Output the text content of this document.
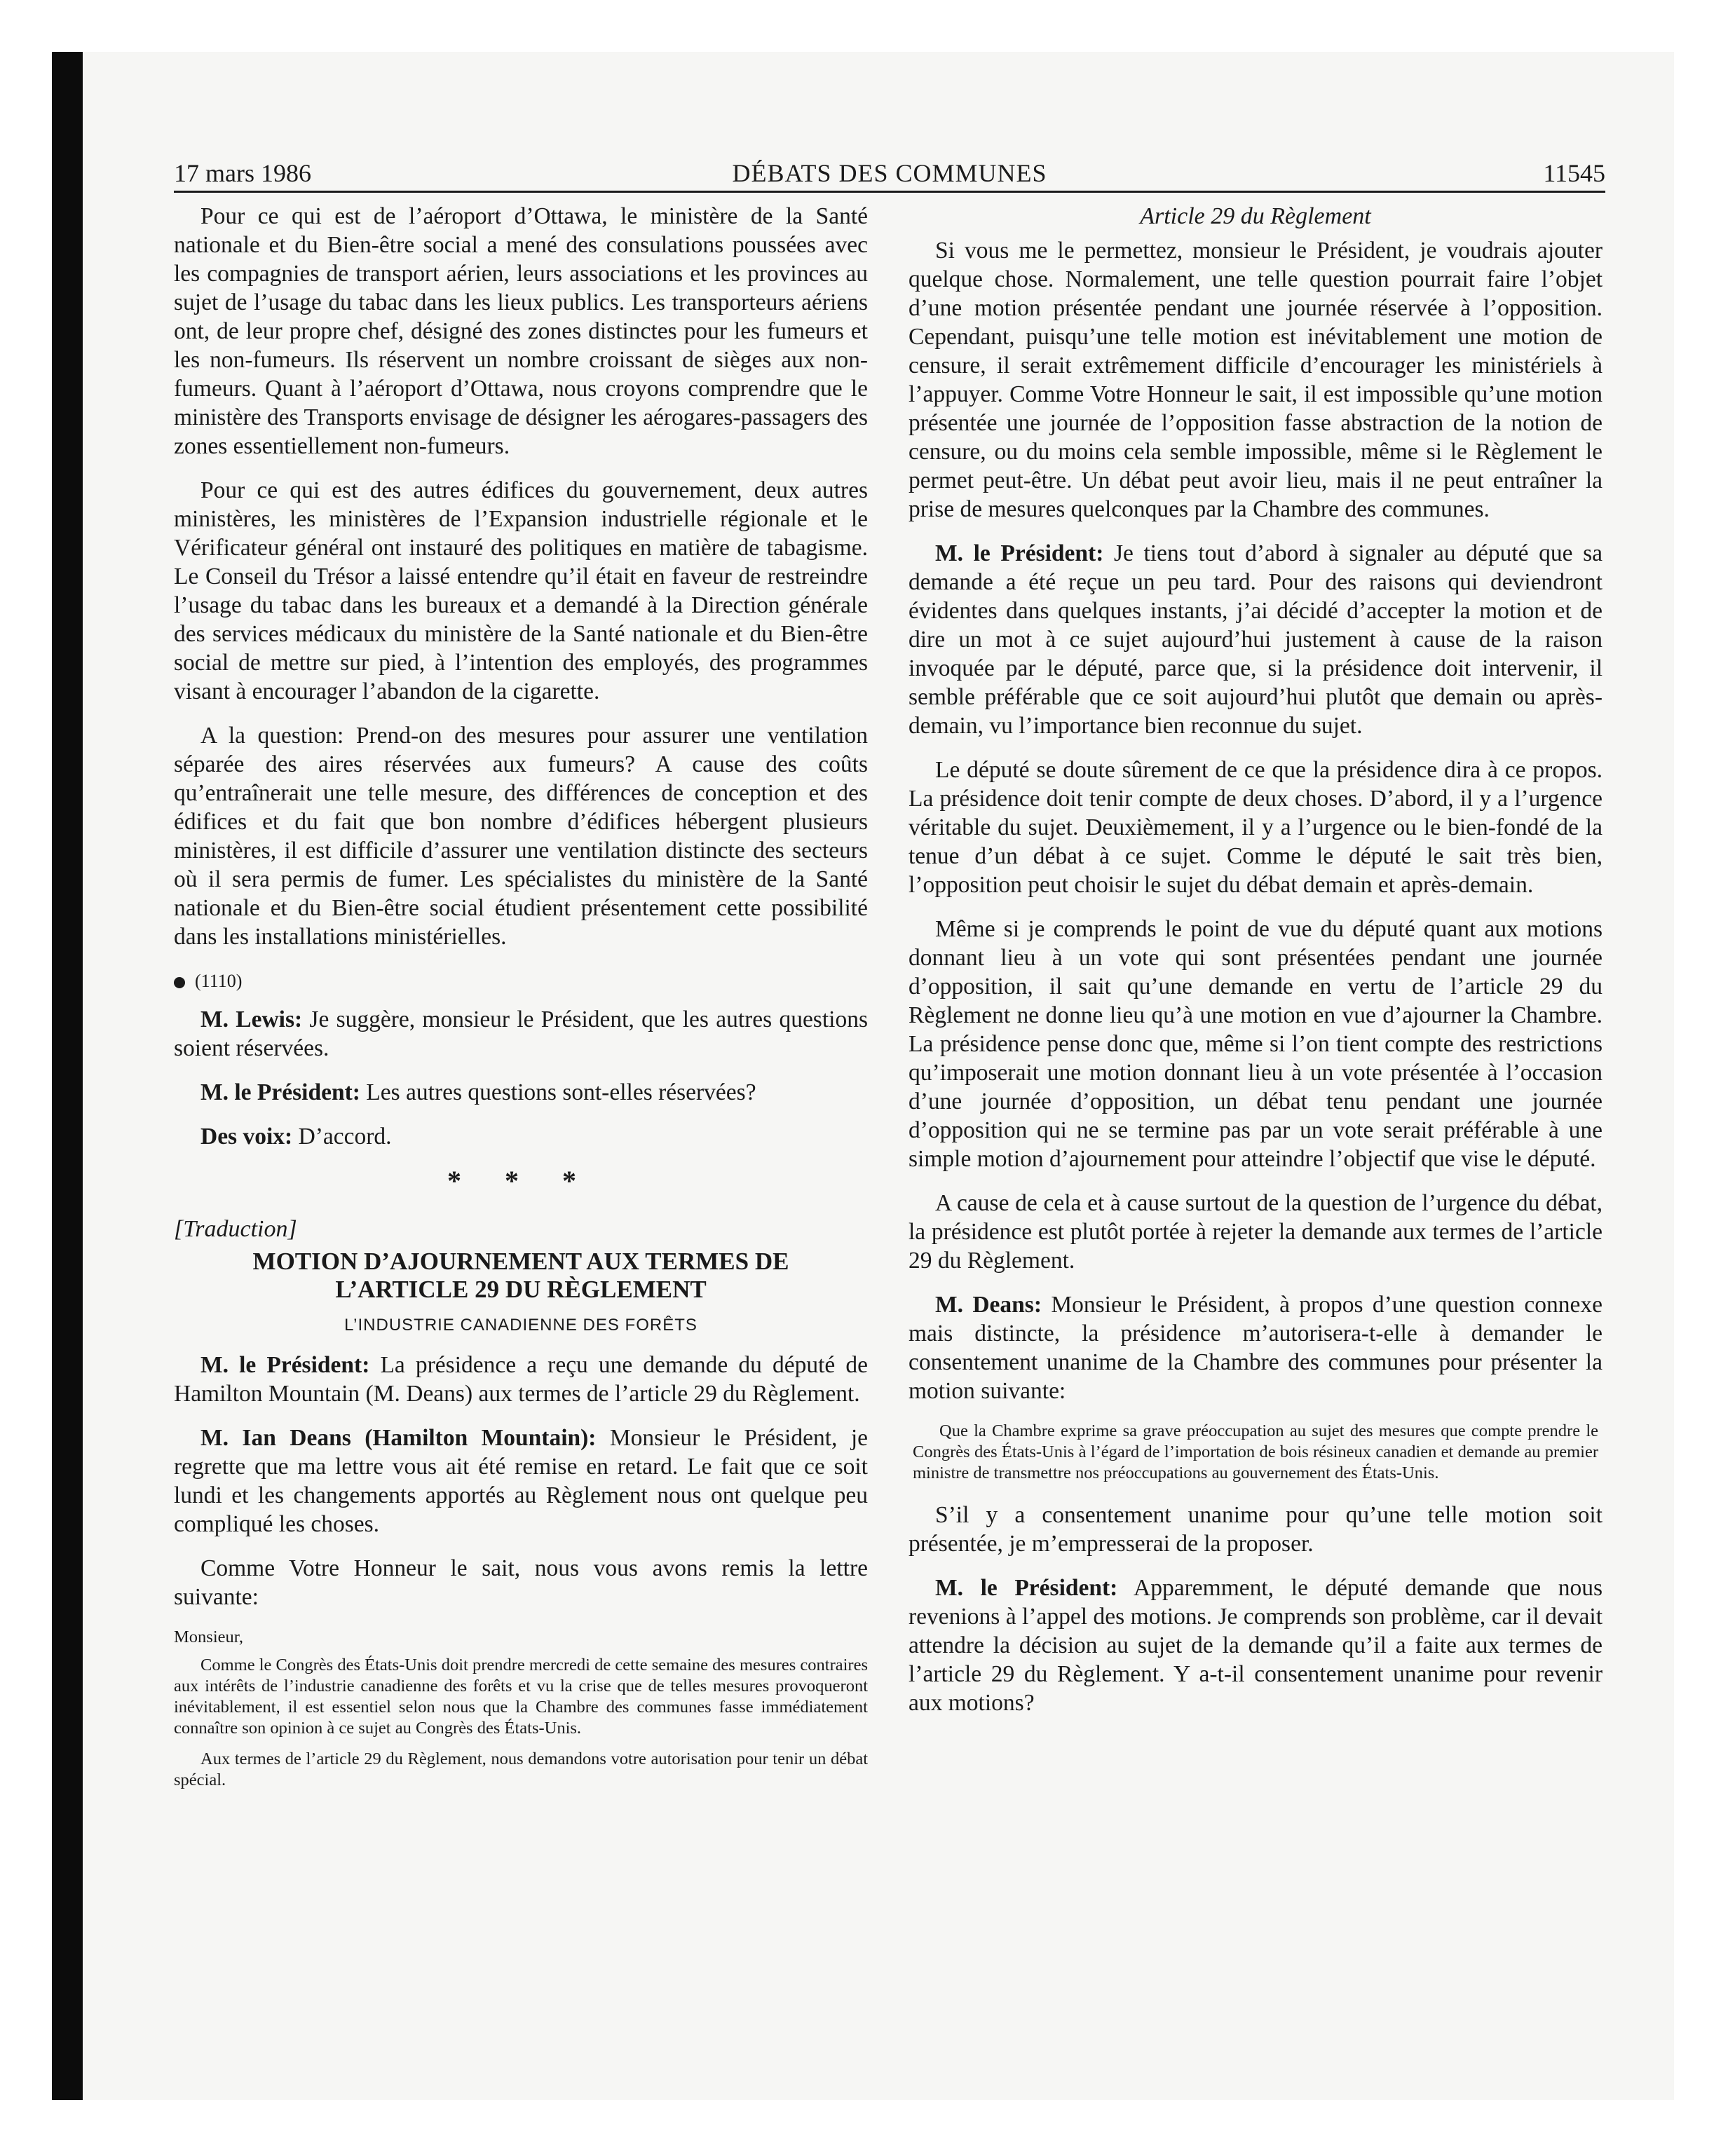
17 mars 1986	DÉBATS DES COMMUNES	11545

Pour ce qui est de l’aéroport d’Ottawa, le ministère de la Santé nationale et du Bien-être social a mené des consulations poussées avec les compagnies de transport aérien, leurs associations et les provinces au sujet de l’usage du tabac dans les lieux publics. Les transporteurs aériens ont, de leur propre chef, désigné des zones distinctes pour les fumeurs et les non-fumeurs. Ils réservent un nombre croissant de sièges aux non-fumeurs. Quant à l’aéroport d’Ottawa, nous croyons comprendre que le ministère des Transports envisage de désigner les aérogares-passagers des zones essentiellement non-fumeurs.

Pour ce qui est des autres édifices du gouvernement, deux autres ministères, les ministères de l’Expansion industrielle régionale et le Vérificateur général ont instauré des politiques en matière de tabagisme. Le Conseil du Trésor a laissé entendre qu’il était en faveur de restreindre l’usage du tabac dans les bureaux et a demandé à la Direction générale des services médicaux du ministère de la Santé nationale et du Bien-être social de mettre sur pied, à l’intention des employés, des programmes visant à encourager l’abandon de la cigarette.

A la question: Prend-on des mesures pour assurer une ventilation séparée des aires réservées aux fumeurs? A cause des coûts qu’entraînerait une telle mesure, des différences de conception et des édifices et du fait que bon nombre d’édifices hébergent plusieurs ministères, il est difficile d’assurer une ventilation distincte des secteurs où il sera permis de fumer. Les spécialistes du ministère de la Santé nationale et du Bien-être social étudient présentement cette possibilité dans les installations ministérielles.

(1110)

M. Lewis: Je suggère, monsieur le Président, que les autres questions soient réservées.

M. le Président: Les autres questions sont-elles réservées?

Des voix: D’accord.

* * *

[Traduction]

MOTION D’AJOURNEMENT AUX TERMES DE
L’ARTICLE 29 DU RÈGLEMENT
L’INDUSTRIE CANADIENNE DES FORÊTS

M. le Président: La présidence a reçu une demande du député de Hamilton Mountain (M. Deans) aux termes de l’article 29 du Règlement.

M. Ian Deans (Hamilton Mountain): Monsieur le Président, je regrette que ma lettre vous ait été remise en retard. Le fait que ce soit lundi et les changements apportés au Règlement nous ont quelque peu compliqué les choses.

Comme Votre Honneur le sait, nous vous avons remis la lettre suivante:

Monsieur,

Comme le Congrès des États-Unis doit prendre mercredi de cette semaine des mesures contraires aux intérêts de l’industrie canadienne des forêts et vu la crise que de telles mesures provoqueront inévitablement, il est essentiel selon nous que la Chambre des communes fasse immédiatement connaître son opinion à ce sujet au Congrès des États-Unis.

Aux termes de l’article 29 du Règlement, nous demandons votre autorisation pour tenir un débat spécial.

Article 29 du Règlement

Si vous me le permettez, monsieur le Président, je voudrais ajouter quelque chose. Normalement, une telle question pourrait faire l’objet d’une motion présentée pendant une journée réservée à l’opposition. Cependant, puisqu’une telle motion est inévitablement une motion de censure, il serait extrêmement difficile d’encourager les ministériels à l’appuyer. Comme Votre Honneur le sait, il est impossible qu’une motion présentée une journée de l’opposition fasse abstraction de la notion de censure, ou du moins cela semble impossible, même si le Règlement le permet peut-être. Un débat peut avoir lieu, mais il ne peut entraîner la prise de mesures quelconques par la Chambre des communes.

M. le Président: Je tiens tout d’abord à signaler au député que sa demande a été reçue un peu tard. Pour des raisons qui deviendront évidentes dans quelques instants, j’ai décidé d’accepter la motion et de dire un mot à ce sujet aujourd’hui justement à cause de la raison invoquée par le député, parce que, si la présidence doit intervenir, il semble préférable que ce soit aujourd’hui plutôt que demain ou après-demain, vu l’importance bien reconnue du sujet.

Le député se doute sûrement de ce que la présidence dira à ce propos. La présidence doit tenir compte de deux choses. D’abord, il y a l’urgence véritable du sujet. Deuxièmement, il y a l’urgence ou le bien-fondé de la tenue d’un débat à ce sujet. Comme le député le sait très bien, l’opposition peut choisir le sujet du débat demain et après-demain.

Même si je comprends le point de vue du député quant aux motions donnant lieu à un vote qui sont présentées pendant une journée d’opposition, il sait qu’une demande en vertu de l’article 29 du Règlement ne donne lieu qu’à une motion en vue d’ajourner la Chambre. La présidence pense donc que, même si l’on tient compte des restrictions qu’imposerait une motion donnant lieu à un vote présentée à l’occasion d’une journée d’opposition, un débat tenu pendant une journée d’opposition qui ne se termine pas par un vote serait préférable à une simple motion d’ajournement pour atteindre l’objectif que vise le député.

A cause de cela et à cause surtout de la question de l’urgence du débat, la présidence est plutôt portée à rejeter la demande aux termes de l’article 29 du Règlement.

M. Deans: Monsieur le Président, à propos d’une question connexe mais distincte, la présidence m’autorisera-t-elle à demander le consentement unanime de la Chambre des communes pour présenter la motion suivante:

Que la Chambre exprime sa grave préoccupation au sujet des mesures que compte prendre le Congrès des États-Unis à l’égard de l’importation de bois résineux canadien et demande au premier ministre de transmettre nos préoccupations au gouvernement des États-Unis.

S’il y a consentement unanime pour qu’une telle motion soit présentée, je m’empresserai de la proposer.

M. le Président: Apparemment, le député demande que nous revenions à l’appel des motions. Je comprends son problème, car il devait attendre la décision au sujet de la demande qu’il a faite aux termes de l’article 29 du Règlement. Y a-t-il consentement unanime pour revenir aux motions?
